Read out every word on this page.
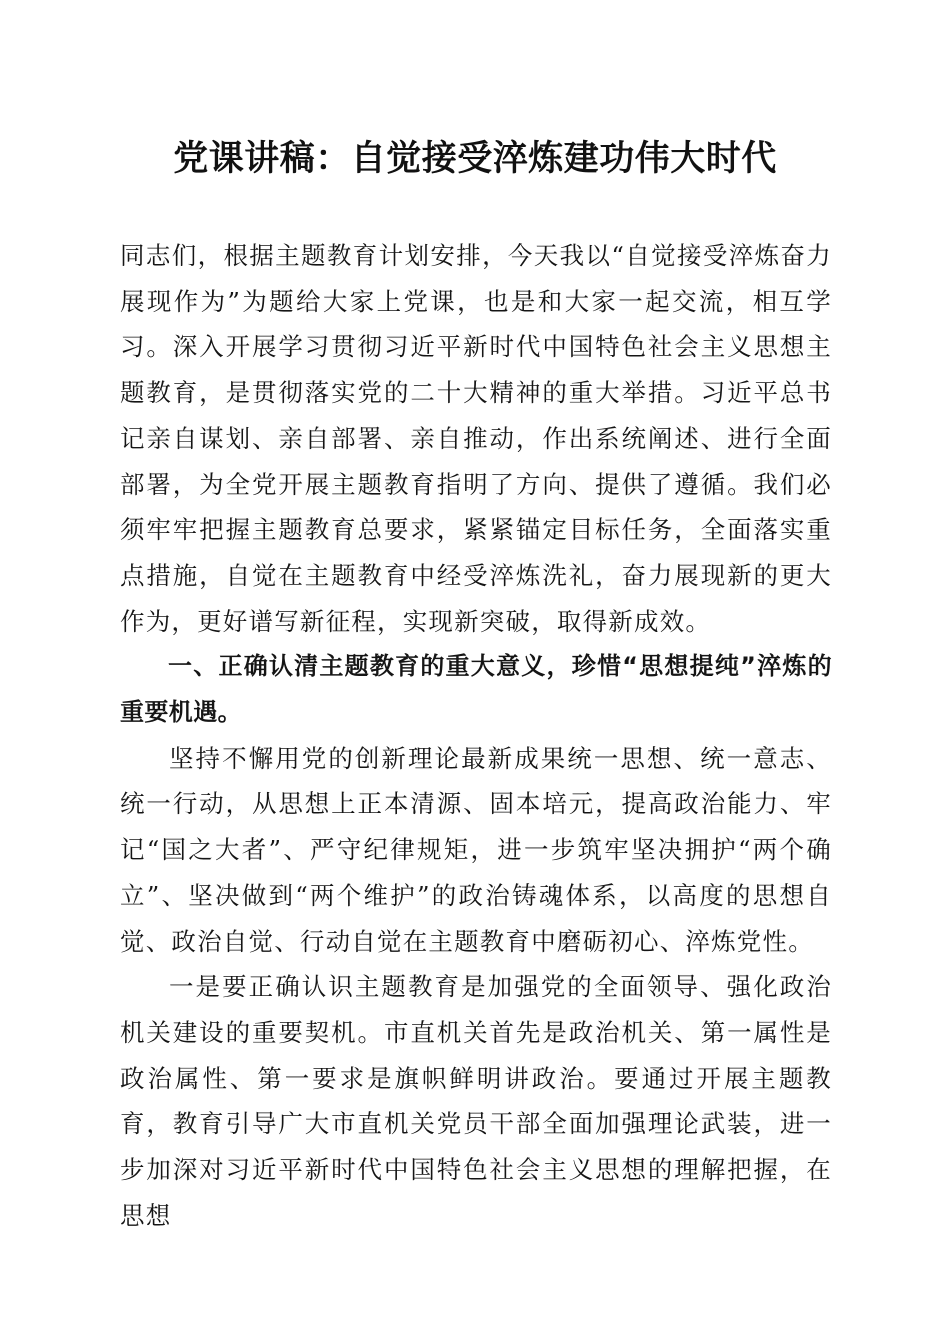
党课讲稿：自觉接受淬炼建功伟大时代

同志们，根据主题教育计划安排，今天我以“自觉接受淬炼奋力展现作为”为题给大家上党课，也是和大家一起交流，相互学习。深入开展学习贯彻习近平新时代中国特色社会主义思想主题教育，是贯彻落实党的二十大精神的重大举措。习近平总书记亲自谋划、亲自部署、亲自推动，作出系统阐述、进行全面部署，为全党开展主题教育指明了方向、提供了遵循。我们必须牢牢把握主题教育总要求，紧紧锚定目标任务，全面落实重点措施，自觉在主题教育中经受淬炼洗礼，奋力展现新的更大作为，更好谱写新征程，实现新突破，取得新成效。

一、正确认清主题教育的重大意义，珍惜“思想提纯”淬炼的重要机遇。

坚持不懈用党的创新理论最新成果统一思想、统一意志、统一行动，从思想上正本清源、固本培元，提高政治能力、牢记“国之大者”、严守纪律规矩，进一步筑牢坚决拥护“两个确立”、坚决做到“两个维护”的政治铸魂体系，以高度的思想自觉、政治自觉、行动自觉在主题教育中磨砺初心、淬炼党性。

一是要正确认识主题教育是加强党的全面领导、强化政治机关建设的重要契机。市直机关首先是政治机关、第一属性是政治属性、第一要求是旗帜鲜明讲政治。要通过开展主题教育，教育引导广大市直机关党员干部全面加强理论武装，进一步加深对习近平新时代中国特色社会主义思想的理解把握，在思想
